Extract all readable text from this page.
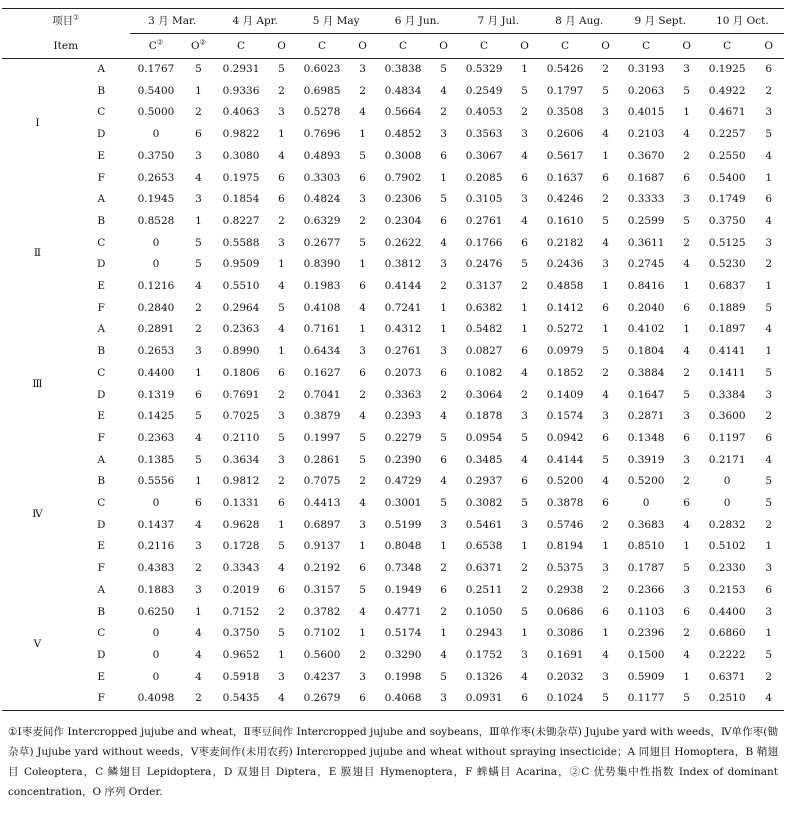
项目①		3 月 Mar.		4 月 Apr.		5 月 May		6 月 Jun.		7 月 Jul.		8 月 Aug.		9 月 Sept.		10 月 Oct.	
Item		C②	O②	C	O	C	O	C	O	C	O	C	O	C	O	C	O
Ⅰ	A	0.1767	5	0.2931	5	0.6023	3	0.3838	5	0.5329	1	0.5426	2	0.3193	3	0.1925	6
	B	0.5400	1	0.9336	2	0.6985	2	0.4834	4	0.2549	5	0.1797	5	0.2063	5	0.4922	2
	C	0.5000	2	0.4063	3	0.5278	4	0.5664	2	0.4053	2	0.3508	3	0.4015	1	0.4671	3
	D	0	6	0.9822	1	0.7696	1	0.4852	3	0.3563	3	0.2606	4	0.2103	4	0.2257	5
	E	0.3750	3	0.3080	4	0.4893	5	0.3008	6	0.3067	4	0.5617	1	0.3670	2	0.2550	4
	F	0.2653	4	0.1975	6	0.3303	6	0.7902	1	0.2085	6	0.1637	6	0.1687	6	0.5400	1
Ⅱ	A	0.1945	3	0.1854	6	0.4824	3	0.2306	5	0.3105	3	0.4246	2	0.3333	3	0.1749	6
	B	0.8528	1	0.8227	2	0.6329	2	0.2304	6	0.2761	4	0.1610	5	0.2599	5	0.3750	4
	C	0	5	0.5588	3	0.2677	5	0.2622	4	0.1766	6	0.2182	4	0.3611	2	0.5125	3
	D	0	5	0.9509	1	0.8390	1	0.3812	3	0.2476	5	0.2436	3	0.2745	4	0.5230	2
	E	0.1216	4	0.5510	4	0.1983	6	0.4144	2	0.3137	2	0.4858	1	0.8416	1	0.6837	1
	F	0.2840	2	0.2964	5	0.4108	4	0.7241	1	0.6382	1	0.1412	6	0.2040	6	0.1889	5
Ⅲ	A	0.2891	2	0.2363	4	0.7161	1	0.4312	1	0.5482	1	0.5272	1	0.4102	1	0.1897	4
	B	0.2653	3	0.8990	1	0.6434	3	0.2761	3	0.0827	6	0.0979	5	0.1804	4	0.4141	1
	C	0.4400	1	0.1806	6	0.1627	6	0.2073	6	0.1082	4	0.1852	2	0.3884	2	0.1411	5
	D	0.1319	6	0.7691	2	0.7041	2	0.3363	2	0.3064	2	0.1409	4	0.1647	5	0.3384	3
	E	0.1425	5	0.7025	3	0.3879	4	0.2393	4	0.1878	3	0.1574	3	0.2871	3	0.3600	2
	F	0.2363	4	0.2110	5	0.1997	5	0.2279	5	0.0954	5	0.0942	6	0.1348	6	0.1197	6
Ⅳ	A	0.1385	5	0.3634	3	0.2861	5	0.2390	6	0.3485	4	0.4144	5	0.3919	3	0.2171	4
	B	0.5556	1	0.9812	2	0.7075	2	0.4729	4	0.2937	6	0.5200	4	0.5200	2	0	5
	C	0	6	0.1331	6	0.4413	4	0.3001	5	0.3082	5	0.3878	6	0	6	0	5
	D	0.1437	4	0.9628	1	0.6897	3	0.5199	3	0.5461	3	0.5746	2	0.3683	4	0.2832	2
	E	0.2116	3	0.1728	5	0.9137	1	0.8048	1	0.6538	1	0.8194	1	0.8510	1	0.5102	1
	F	0.4383	2	0.3343	4	0.2192	6	0.7348	2	0.6371	2	0.5375	3	0.1787	5	0.2330	3
Ⅴ	A	0.1883	3	0.2019	6	0.3157	5	0.1949	6	0.2511	2	0.2938	2	0.2366	3	0.2153	6
	B	0.6250	1	0.7152	2	0.3782	4	0.4771	2	0.1050	5	0.0686	6	0.1103	6	0.4400	3
	C	0	4	0.3750	5	0.7102	1	0.5174	1	0.2943	1	0.3086	1	0.2396	2	0.6860	1
	D	0	4	0.9652	1	0.5600	2	0.3290	4	0.1752	3	0.1691	4	0.1500	4	0.2222	5
	E	0	4	0.5918	3	0.4237	3	0.1998	5	0.1326	4	0.2032	3	0.5909	1	0.6371	2
	F	0.4098	2	0.5435	4	0.2679	6	0.4068	3	0.0931	6	0.1024	5	0.1177	5	0.2510	4
①Ⅰ枣麦间作 Intercropped jujube and wheat，Ⅱ枣豆间作 Intercropped jujube and soybeans，Ⅲ单作枣(未锄杂草) Jujube yard with weeds，Ⅳ单作枣(锄杂草) Jujube yard without weeds，Ⅴ枣麦间作(未用农药) Intercropped jujube and wheat without spraying insecticide；A 同翅目 Homoptera，B 鞘翅目 Coleoptera，C 鳞翅目 Lepidoptera，D 双翅目 Diptera，E 膜翅目 Hymenoptera，F 蜱螨目 Acarina，②C 优势集中性指数 Index of dominant concentration，O 序列 Order.
